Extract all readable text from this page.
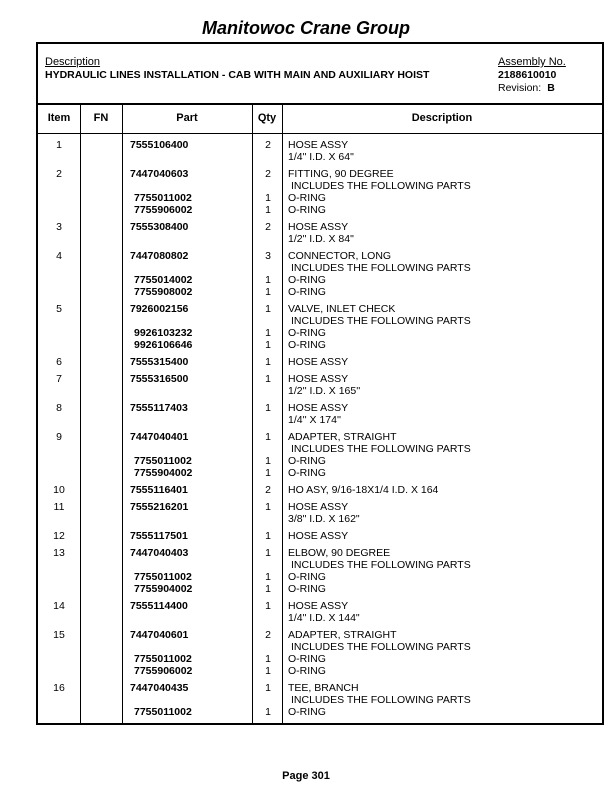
Manitowoc Crane Group
Description
HYDRAULIC LINES INSTALLATION - CAB WITH MAIN AND AUXILIARY HOIST
Assembly No.
2188610010
Revision: B
Item	FN	Part	Qty	Description
1	7555106400	2 HOSE ASSY
1/4" I.D. X 64"
2	7447040603	2 FITTING, 90 DEGREE
INCLUDES THE FOLLOWING PARTS
7755011002	1 O-RING
7755906002	1 O-RING
3	7555308400	2 HOSE ASSY
1/2" I.D. X 84"
4	7447080802	3 CONNECTOR, LONG
INCLUDES THE FOLLOWING PARTS
7755014002	1 O-RING
7755908002	1 O-RING
5	7926002156	1 VALVE, INLET CHECK
INCLUDES THE FOLLOWING PARTS
9926103232	1 O-RING
9926106646	1 O-RING
6	7555315400	1 HOSE ASSY
7	7555316500	1 HOSE ASSY
1/2'' I.D. X 165''
8	7555117403	1 HOSE ASSY
1/4'' X 174''
9	7447040401	1 ADAPTER, STRAIGHT
INCLUDES THE FOLLOWING PARTS
7755011002	1 O-RING
7755904002	1 O-RING
10	7555116401	2 HO ASY, 9/16-18X1/4 I.D. X 164
11	7555216201	1 HOSE ASSY
3/8" I.D. X 162"
12	7555117501	1 HOSE ASSY
13	7447040403	1 ELBOW, 90 DEGREE
INCLUDES THE FOLLOWING PARTS
7755011002	1 O-RING
7755904002	1 O-RING
14	7555114400	1 HOSE ASSY
1/4" I.D. X 144"
15	7447040601	2 ADAPTER, STRAIGHT
INCLUDES THE FOLLOWING PARTS
7755011002	1 O-RING
7755906002	1 O-RING
16	7447040435	1 TEE, BRANCH
INCLUDES THE FOLLOWING PARTS
7755011002	1 O-RING
Page 301
